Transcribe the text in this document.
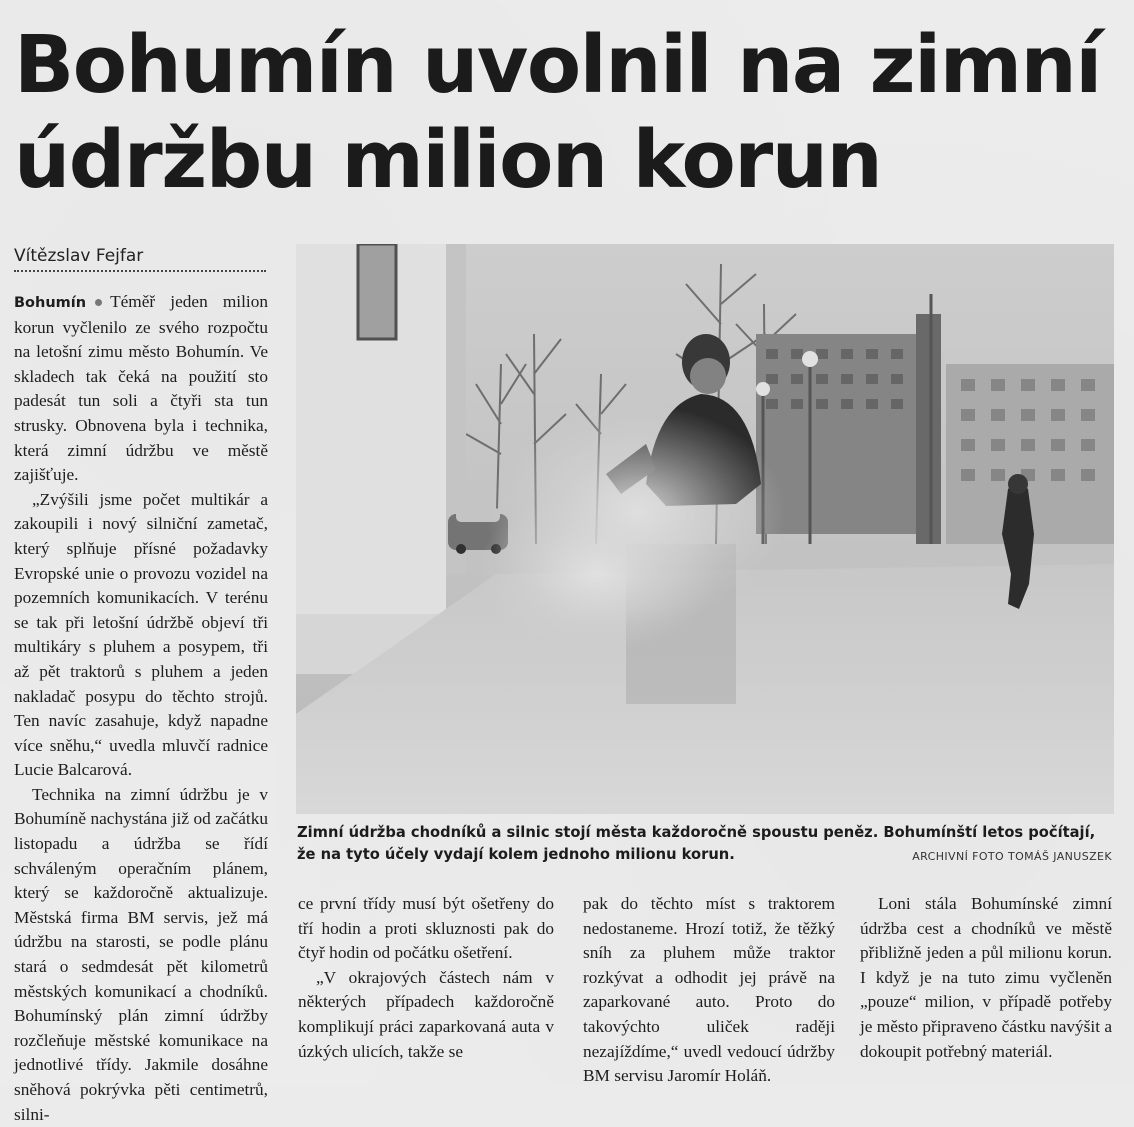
Bohumín uvolnil na zimní
údržbu milion korun
Vítězslav Fejfar

Bohumín Téměř jeden milion korun vyčlenilo ze svého rozpočtu na letošní zimu město Bohumín. Ve skladech tak čeká na použití sto padesát tun soli a čtyři sta tun strusky. Obnovena byla i technika, která zimní údržbu ve městě zajišťuje.

„Zvýšili jsme počet multikár a zakoupili i nový silniční zametač, který splňuje přísné požadavky Evropské unie o provozu vozidel na pozemních komunikacích. V terénu se tak při letošní údržbě objeví tři multikáry s pluhem a posypem, tři až pět traktorů s pluhem a jeden nakladač posypu do těchto strojů. Ten navíc zasahuje, když napadne více sněhu,“ uvedla mluvčí radnice Lucie Balcarová.

Technika na zimní údržbu je v Bohumíně nachystána již od začátku listopadu a údržba se řídí schváleným operačním plánem, který se každoročně aktualizuje. Městská firma BM servis, jež má údržbu na starosti, se podle plánu stará o sedmdesát pět kilometrů městských komunikací a chodníků. Bohumínský plán zimní údržby rozčleňuje městské komunikace na jednotlivé třídy. Jakmile dosáhne sněhová pokrývka pěti centimetrů, silni-

Zimní údržba chodníků a silnic stojí města každoročně spoustu peněz. Bohumínští letos počítají, že na tyto účely vydají kolem jednoho milionu korun.	ARCHIVNÍ FOTO TOMÁŠ JANUSZEK

ce první třídy musí být ošetřeny do tří hodin a proti skluznosti pak do čtyř hodin od počátku ošetření.

„V okrajových částech nám v některých případech každoročně komplikují práci zaparkovaná auta v úzkých ulicích, takže se

pak do těchto míst s traktorem nedostaneme. Hrozí totiž, že těžký sníh za pluhem může traktor rozkývat a odhodit jej právě na zaparkované auto. Proto do takovýchto uliček raději nezajíždíme,“ uvedl vedoucí údržby BM servisu Jaromír Holáň.

Loni stála Bohumínské zimní údržba cest a chodníků ve městě přibližně jeden a půl milionu korun. I když je na tuto zimu vyčleněn „pouze“ milion, v případě potřeby je město připraveno částku navýšit a dokoupit potřebný materiál.
